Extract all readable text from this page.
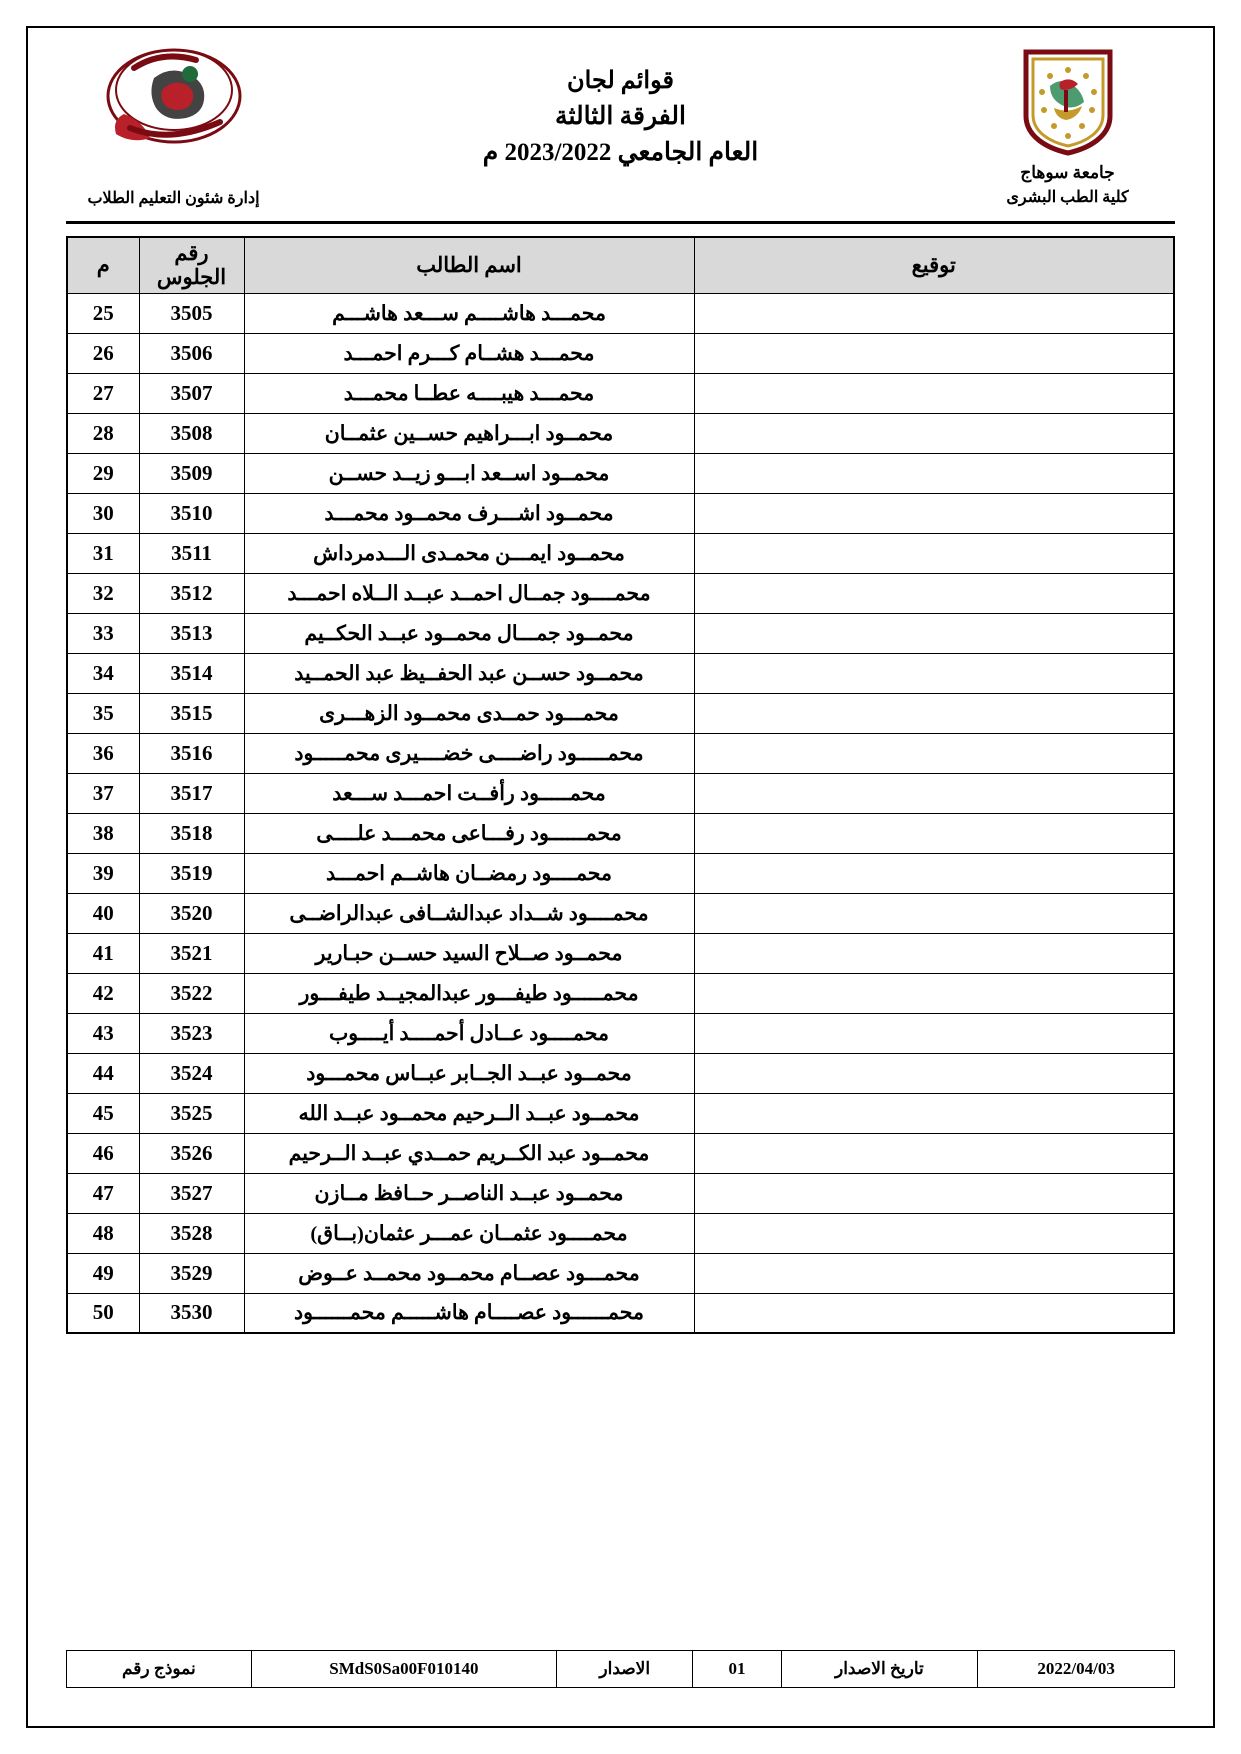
جامعة سوهاج
كلية الطب البشرى
قوائم لجان
الفرقة الثالثة
العام الجامعي 2023/2022 م
إدارة شئون التعليم الطلاب
توقيع	اسم الطالب	رقم الجلوس	م
	محمـــد هاشــــم ســـعد هاشـــم	3505	25
	محمـــد هشــام كـــرم احمـــد	3506	26
	محمـــد هيبــــه عطــا محمـــد	3507	27
	محمــود ابـــراهيم حســين عثمــان	3508	28
	محمــود اســعد ابـــو زيــد حســن	3509	29
	محمــود اشـــرف محمــود محمـــد	3510	30
	محمــود ايمـــن محمـدى الـــدمرداش	3511	31
	محمــــود جمــال احمــد عبــد الــلاه احمـــد	3512	32
	محمــود جمـــال محمــود عبــد الحكــيم	3513	33
	محمــود حســن عبد الحفــيظ عبد الحمــيد	3514	34
	محمـــود حمــدى محمــود الزهـــرى	3515	35
	محمـــــود راضــــى خضــــيرى محمـــــود	3516	36
	محمـــــود رأفــت احمـــد ســـعد	3517	37
	محمــــــود رفـــاعى محمـــد علــــى	3518	38
	محمــــود رمضــان هاشــم احمـــد	3519	39
	محمــــود شــداد عبدالشــافى عبدالراضــى	3520	40
	محمــود صــلاح السيد حســن حبـارير	3521	41
	محمـــــود طيفـــور عبدالمجيــد طيفـــور	3522	42
	محمــــود عــادل أحمــــد أيــــوب	3523	43
	محمــود عبــد الجــابر عبــاس محمـــود	3524	44
	محمــود عبــد الــرحيم محمــود عبــد الله	3525	45
	محمــود عبد الكــريم حمــدي عبــد الــرحيم	3526	46
	محمــود عبــد الناصــر حــافظ مــازن	3527	47
	محمــــود عثمــان عمـــر عثمان(بــاق)	3528	48
	محمـــود عصــام محمــود محمــد عــوض	3529	49
	محمــــــود عصــــام هاشـــــم محمــــــود	3530	50
2022/04/03	تاريخ الاصدار	01	الاصدار	SMdS0Sa00F010140	نموذج رقم
